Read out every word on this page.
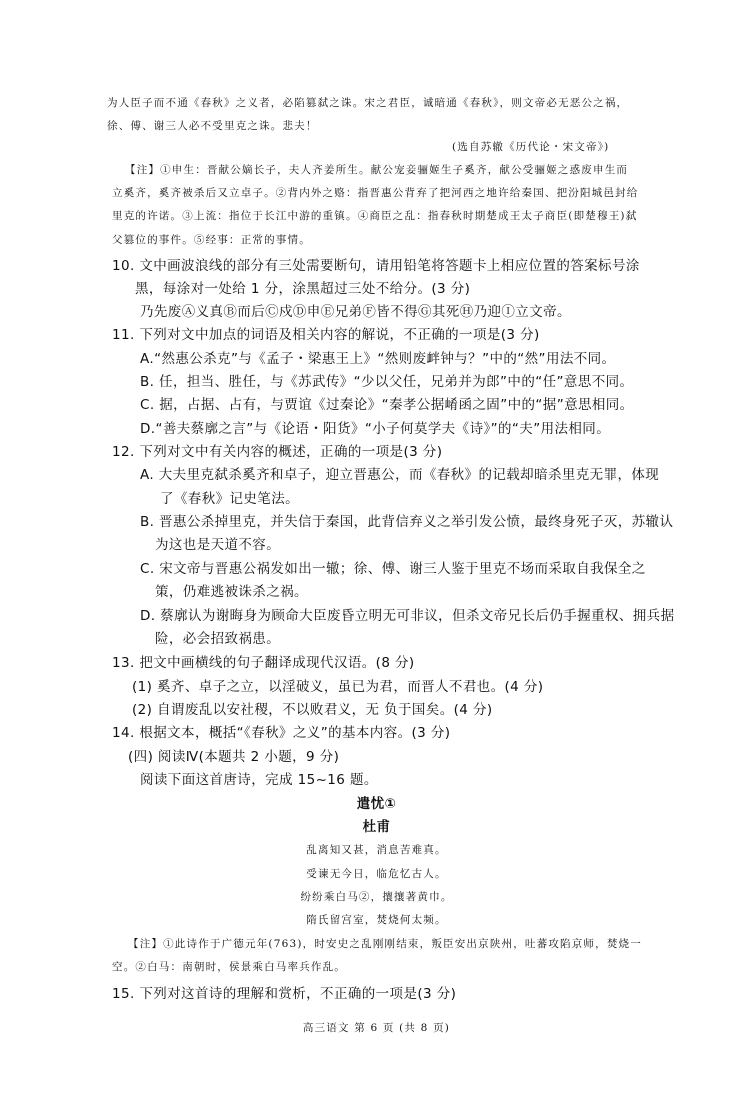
为人臣子而不通《春秋》之义者，必陷篡弑之诛。宋之君臣，诚暗通《春秋》，则文帝必无恶公之祸，
徐、傅、谢三人必不受里克之诛。悲夫！
(选自苏辙《历代论・宋文帝》)
【注】①申生：晋献公嫡长子，夫人齐姜所生。献公宠妾骊姬生子奚齐，献公受骊姬之惑废申生而
立奚齐，奚齐被杀后又立卓子。②背内外之赂：指晋惠公背弃了把河西之地许给秦国、把汾阳城邑封给
里克的许诺。③上流：指位于长江中游的重镇。④商臣之乱：指春秋时期楚成王太子商臣(即楚穆王)弑
父篡位的事件。⑤经事：正常的事情。
10. 文中画波浪线的部分有三处需要断句，请用铅笔将答题卡上相应位置的答案标号涂
黑，每涂对一处给 1 分，涂黑超过三处不给分。(3 分)
乃先废Ⓐ义真Ⓑ而后Ⓒ戍Ⓓ申Ⓔ兄弟Ⓕ皆不得Ⓖ其死Ⓗ乃迎Ⓘ立文帝。
11. 下列对文中加点的词语及相关内容的解说，不正确的一项是(3 分)
A.“然惠公杀克”与《孟子・梁惠王上》“然则废衅钟与？”中的“然”用法不同。
B. 任，担当、胜任，与《苏武传》“少以父任，兄弟并为郎”中的“任”意思不同。
C. 据，占据、占有，与贾谊《过秦论》“秦孝公据崤函之固”中的“据”意思相同。
D.“善夫蔡廓之言”与《论语・阳货》“小子何莫学夫《诗》”的“夫”用法相同。
12. 下列对文中有关内容的概述，正确的一项是(3 分)
A. 大夫里克弑杀奚齐和卓子，迎立晋惠公，而《春秋》的记载却暗杀里克无罪，体现
了《春秋》记史笔法。
B. 晋惠公杀掉里克，并失信于秦国，此背信弃义之举引发公愤，最终身死子灭，苏辙认
为这也是天道不容。
C. 宋文帝与晋惠公祸发如出一辙；徐、傅、谢三人鉴于里克不场而采取自我保全之
策，仍难逃被诛杀之祸。
D. 蔡廓认为谢晦身为顾命大臣废昏立明无可非议，但杀文帝兄长后仍手握重权、拥兵据
险，必会招致祸患。
13. 把文中画横线的句子翻译成现代汉语。(8 分)
(1) 奚齐、卓子之立，以淫破义，虽已为君，而晋人不君也。(4 分)
(2) 自谓废乱以安社稷，不以败君义，无 负于国矣。(4 分)
14. 根据文本，概括“《春秋》之义”的基本内容。(3 分)
(四) 阅读Ⅳ(本题共 2 小题，9 分)
阅读下面这首唐诗，完成 15~16 题。
遣忧①
杜甫
乱离知又甚，消息苦难真。
受谏无今日，临危忆古人。
纷纷乘白马②，攘攘著黄巾。
隋氏留宫室，焚烧何太频。
【注】①此诗作于广德元年(763)，时安史之乱刚刚结束，叛臣安出京陕州，吐蕃攻陷京师，焚烧一
空。②白马：南朝时，侯景乘白马率兵作乱。
15. 下列对这首诗的理解和赏析，不正确的一项是(3 分)
高三语文 第 6 页 (共 8 页)
